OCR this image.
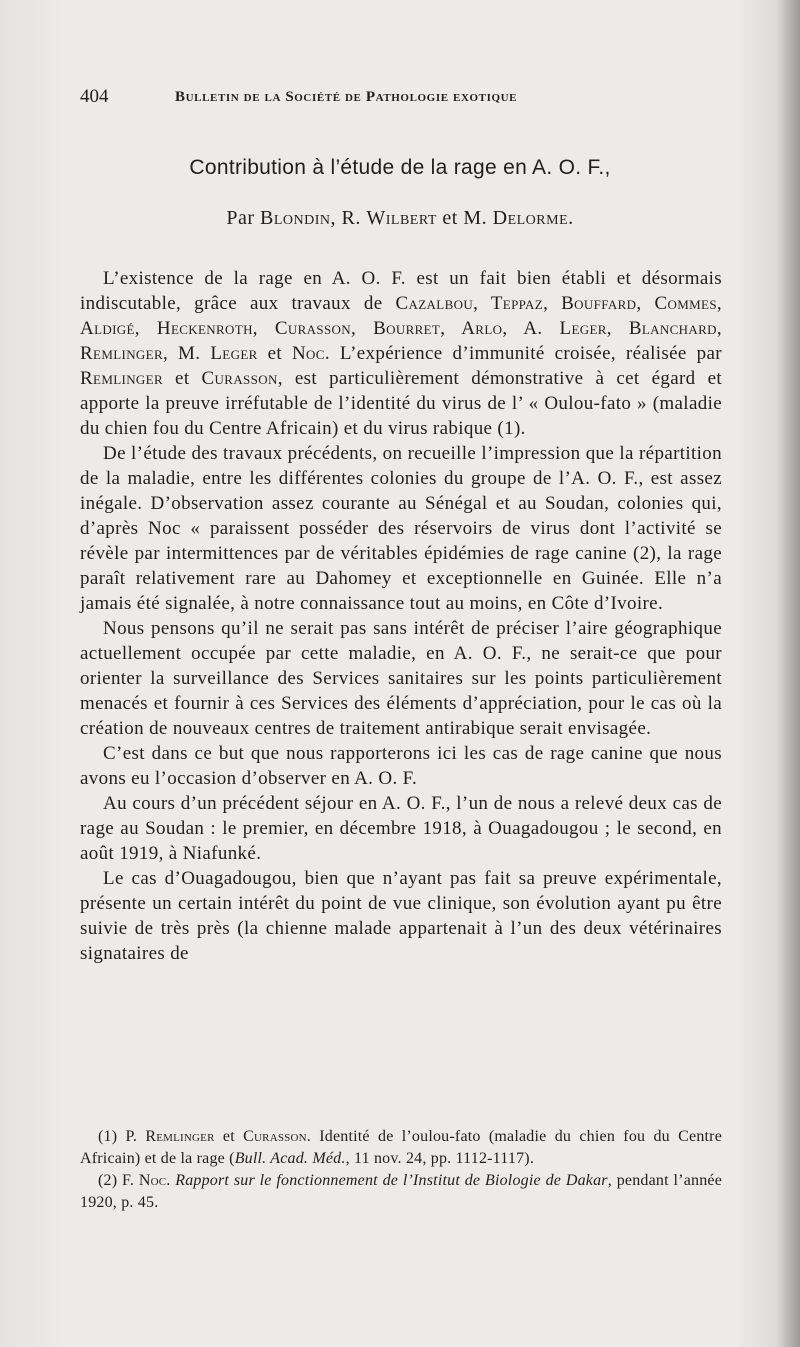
404	Bulletin de la Société de Pathologie exotique
Contribution à l’étude de la rage en A. O. F.,
Par Blondin, R. Wilbert et M. Delorme.

L’existence de la rage en A. O. F. est un fait bien établi et désormais indiscutable, grâce aux travaux de Cazalbou, Teppaz, Bouffard, Commes, Aldigé, Heckenroth, Curasson, Bourret, Arlo, A. Leger, Blanchard, Remlinger, M. Leger et Noc. L’expérience d’immunité croisée, réalisée par Remlinger et Curasson, est particulièrement démonstrative à cet égard et apporte la preuve irréfutable de l’identité du virus de l’ « Oulou-fato » (maladie du chien fou du Centre Africain) et du virus rabique (1).

De l’étude des travaux précédents, on recueille l’impression que la répartition de la maladie, entre les différentes colonies du groupe de l’A. O. F., est assez inégale. D’observation assez courante au Sénégal et au Soudan, colonies qui, d’après Noc « paraissent posséder des réservoirs de virus dont l’activité se révèle par intermittences par de véritables épidémies de rage canine (2), la rage paraît relativement rare au Dahomey et exceptionnelle en Guinée. Elle n’a jamais été signalée, à notre connaissance tout au moins, en Côte d’Ivoire.

Nous pensons qu’il ne serait pas sans intérêt de préciser l’aire géographique actuellement occupée par cette maladie, en A. O. F., ne serait-ce que pour orienter la surveillance des Services sanitaires sur les points particulièrement menacés et fournir à ces Services des éléments d’appréciation, pour le cas où la création de nouveaux centres de traitement antirabique serait envisagée.

C’est dans ce but que nous rapporterons ici les cas de rage canine que nous avons eu l’occasion d’observer en A. O. F.

Au cours d’un précédent séjour en A. O. F., l’un de nous a relevé deux cas de rage au Soudan : le premier, en décembre 1918, à Ouagadougou ; le second, en août 1919, à Niafunké.

Le cas d’Ouagadougou, bien que n’ayant pas fait sa preuve expérimentale, présente un certain intérêt du point de vue clinique, son évolution ayant pu être suivie de très près (la chienne malade appartenait à l’un des deux vétérinaires signataires de

(1) P. Remlinger et Curasson. Identité de l’oulou-fato (maladie du chien fou du Centre Africain) et de la rage (Bull. Acad. Méd., 11 nov. 24, pp. 1112-1117).

(2) F. Noc. Rapport sur le fonctionnement de l’Institut de Biologie de Dakar, pendant l’année 1920, p. 45.
